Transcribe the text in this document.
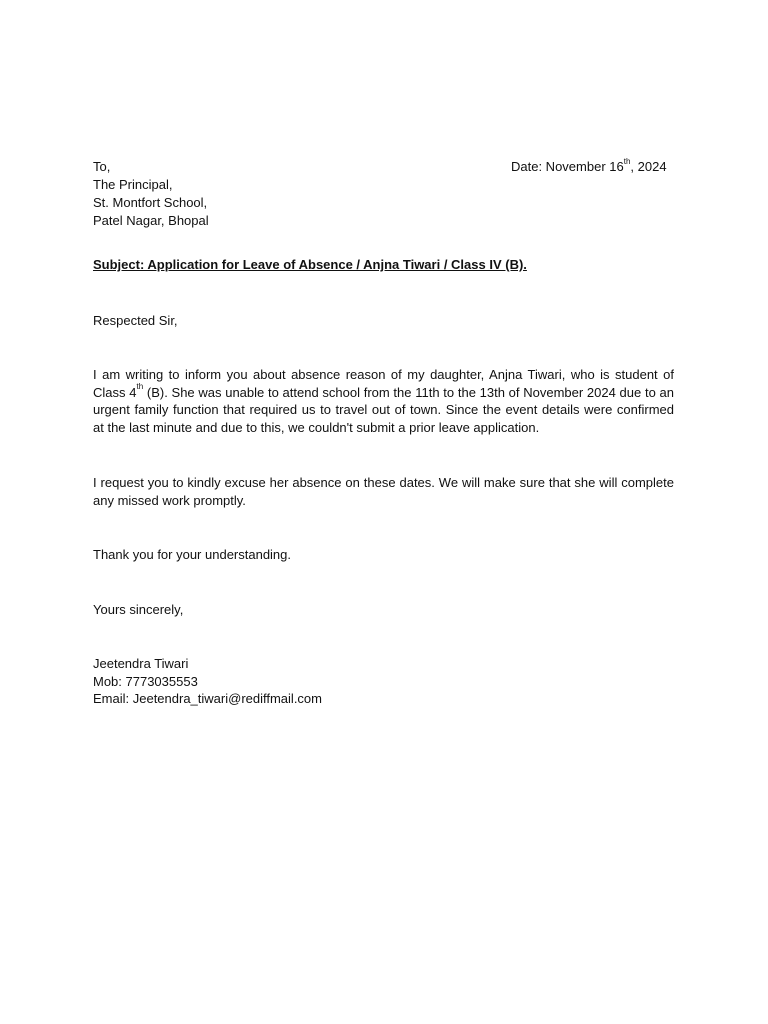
To,	Date: November 16th, 2024
The Principal,
St. Montfort School,
Patel Nagar, Bhopal
Subject: Application for Leave of Absence / Anjna Tiwari / Class IV (B).
Respected Sir,
I am writing to inform you about absence reason of my daughter, Anjna Tiwari, who is student of
Class 4th (B). She was unable to attend school from the 11th to the 13th of November 2024 due to an
urgent family function that required us to travel out of town. Since the event details were confirmed
at the last minute and due to this, we couldn't submit a prior leave application.
I request you to kindly excuse her absence on these dates. We will make sure that she will complete
any missed work promptly.
Thank you for your understanding.
Yours sincerely,
Jeetendra Tiwari
Mob: 7773035553
Email: Jeetendra_tiwari@rediffmail.com
